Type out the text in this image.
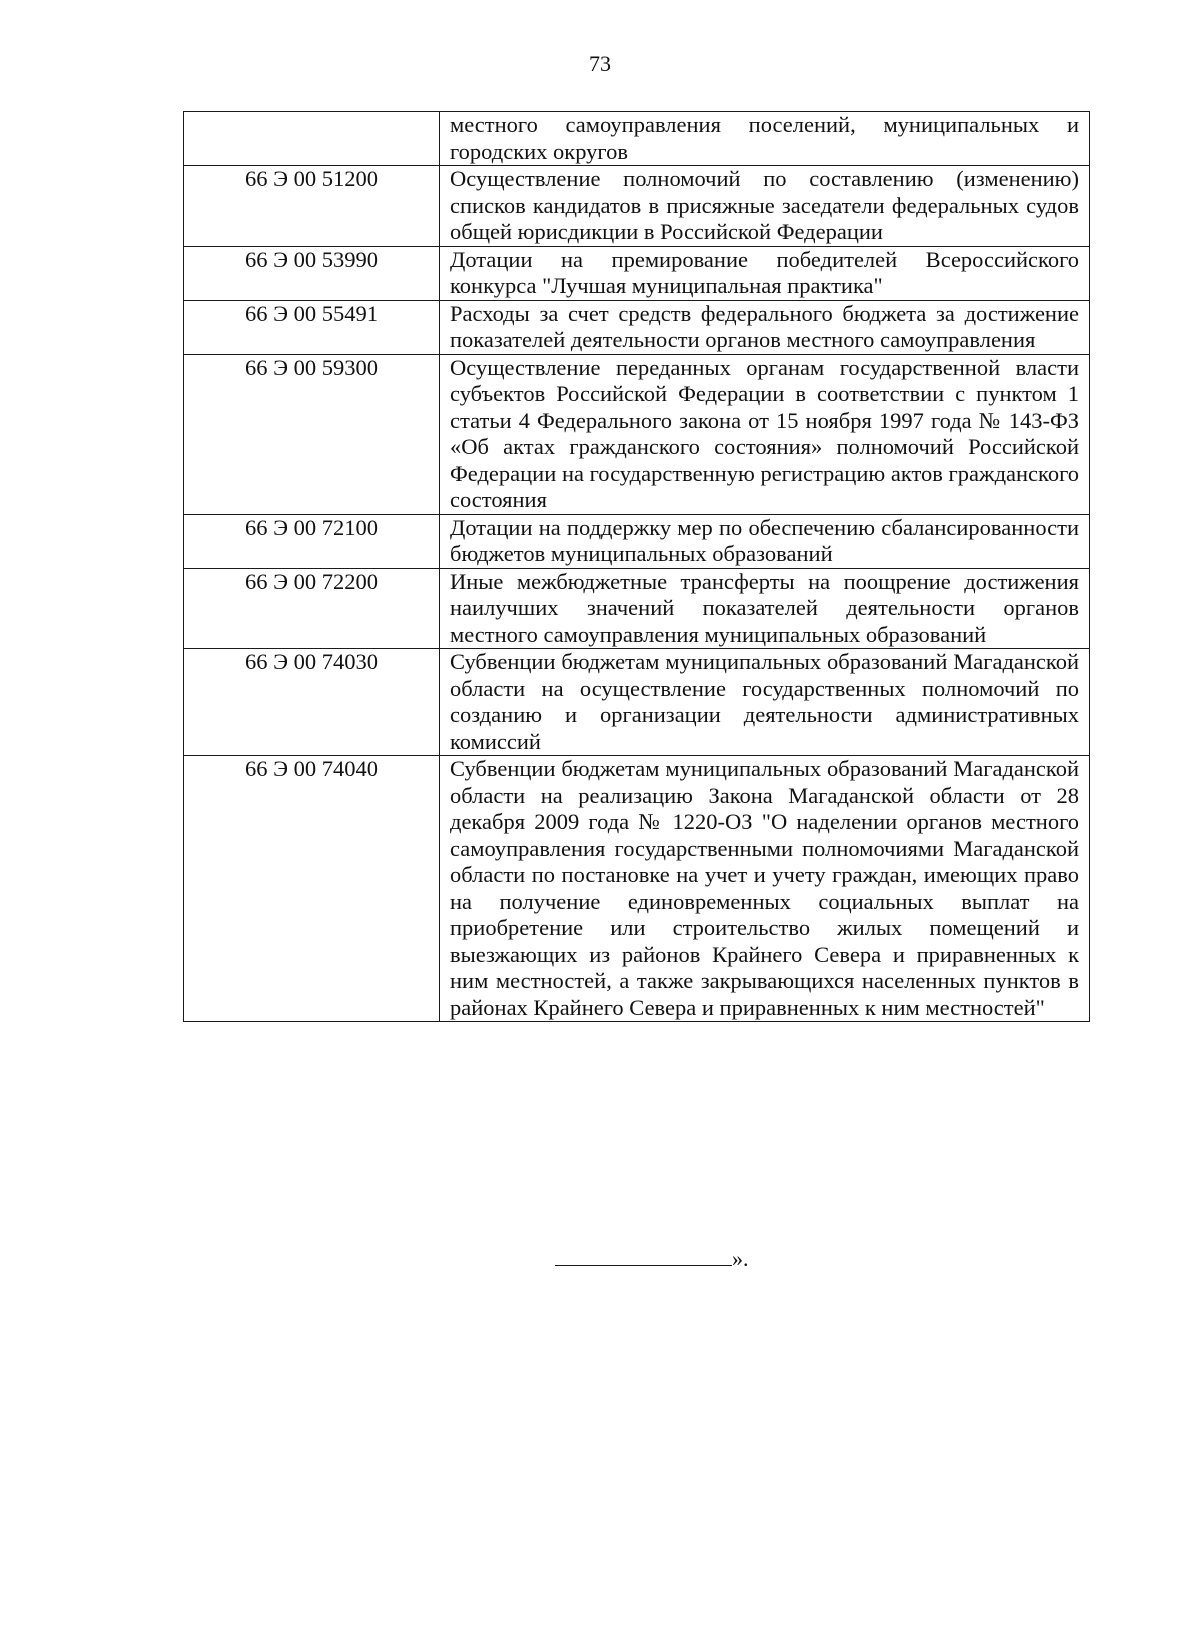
73
	местного самоуправления поселений, муниципальных и городских округов
66 Э 00 51200	Осуществление полномочий по составлению (изменению) списков кандидатов в присяжные заседатели федеральных судов общей юрисдикции в Российской Федерации
66 Э 00 53990	Дотации на премирование победителей Всероссийского конкурса "Лучшая муниципальная практика"
66 Э 00 55491	Расходы за счет средств федерального бюджета за достижение показателей деятельности органов местного самоуправления
66 Э 00 59300	Осуществление переданных органам государственной власти субъектов Российской Федерации в соответствии с пунктом 1 статьи 4 Федерального закона от 15 ноября 1997 года № 143-ФЗ «Об актах гражданского состояния» полномочий Российской Федерации на государственную регистрацию актов гражданского состояния
66 Э 00 72100	Дотации на поддержку мер по обеспечению сбалансированности бюджетов муниципальных образований
66 Э 00 72200	Иные межбюджетные трансферты на поощрение достижения наилучших значений показателей деятельности органов местного самоуправления муниципальных образований
66 Э 00 74030	Субвенции бюджетам муниципальных образований Магаданской области на осуществление государственных полномочий по созданию и организации деятельности административных комиссий
66 Э 00 74040	Субвенции бюджетам муниципальных образований Магаданской области на реализацию Закона Магаданской области от 28 декабря 2009 года № 1220-ОЗ "О наделении органов местного самоуправления государственными полномочиями Магаданской области по постановке на учет и учету граждан, имеющих право на получение единовременных социальных выплат на приобретение или строительство жилых помещений и выезжающих из районов Крайнего Севера и приравненных к ним местностей, а также закрывающихся населенных пунктов в районах Крайнего Севера и приравненных к ним местностей"
».
